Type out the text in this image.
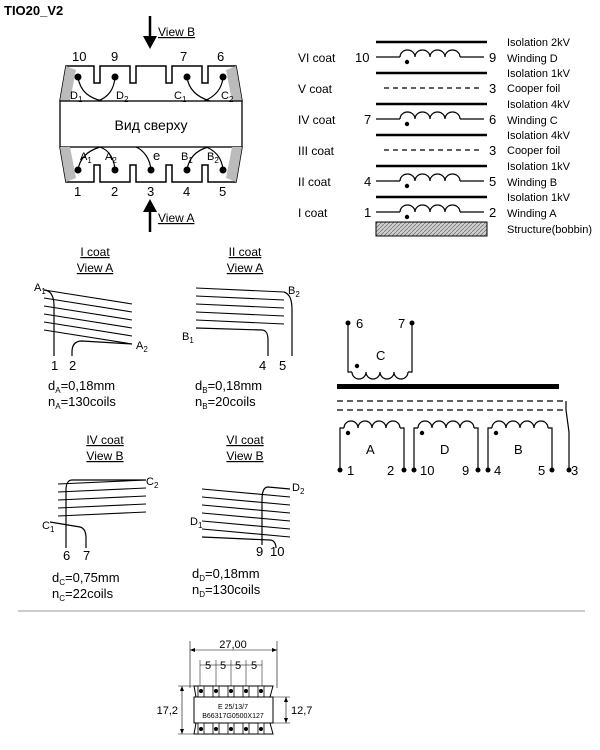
TIO20_V2
View B
10 9	7 6
Вид сверху
$D_1$	$D_2$	$C_1$	$C_2$
$A_1$ $A_2$	e $B_1$ $B_2$
1 2 3 4 5
View A
Isolation 2kV
VI coat 10	9 Winding D
Isolation 1kV
V coat	3 Cooper foil
Isolation 4kV
IV coat 7	6 Winding C
Isolation 4kV
III coat	3 Cooper foil
Isolation 1kV
II coat	4	5 Winding B
Isolation 1kV
I coat	1	2 Winding A
Structure(bobbin)
I coat
View A
$A_1$
$A_2$
1 2
$d_A=0,18mm$
$n_A=130coils$
II coat
View A
$B_1$
$B_2$
4 5
$d_B=0,18mm$
$n_B=20coils$
IV coat
View B
$C_1$
$C_2$
6 7
$d_C=0,75mm$
$n_C=22coils$
VI coat
View B
$D_1$
$D_2$
9 10
$d_D=0,18mm$
$n_D=130coils$
6	7
C
A	D	B
1	2 10 9 4	5 3
27,00
5 5 5 5
E 25/13/7
B66317G0500X127
17,2	12,7
